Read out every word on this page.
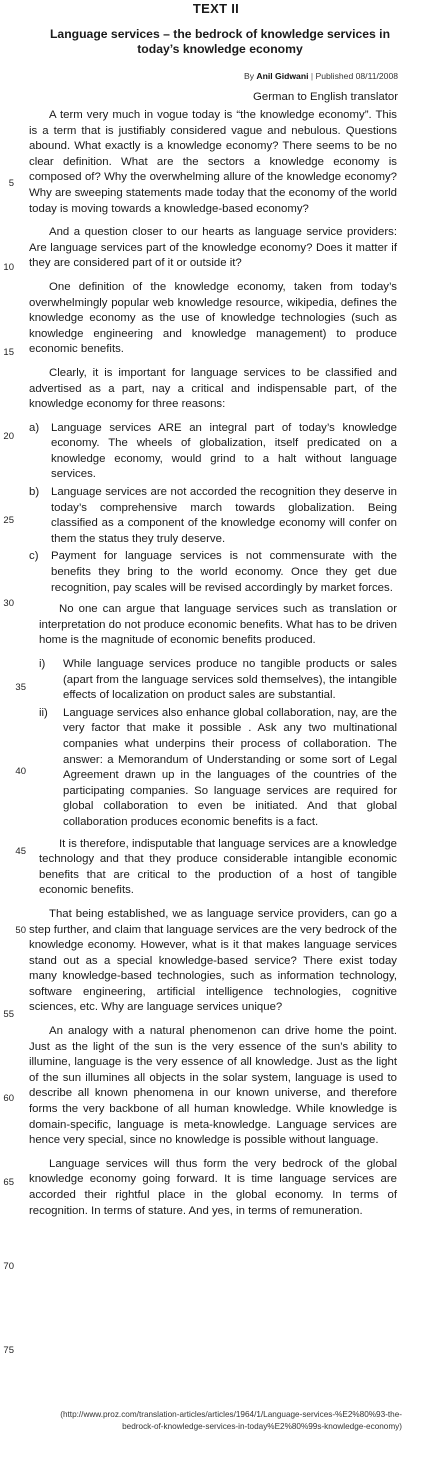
TEXT II
Language services – the bedrock of knowledge services in today’s knowledge economy
By Anil Gidwani | Published 08/11/2008
German to English translator
5
10
15
20
25
30
35
40
45
50
55
60
65
70
75

A term very much in vogue today is “the knowledge economy”. This is a term that is justifiably considered vague and nebulous. Questions abound. What exactly is a knowledge economy? There seems to be no clear definition. What are the sectors a knowledge economy is composed of? Why the overwhelming allure of the knowledge economy? Why are sweeping statements made today that the economy of the world today is moving towards a knowledge-based economy?

And a question closer to our hearts as language service providers: Are language services part of the knowledge economy? Does it matter if they are considered part of it or outside it?

One definition of the knowledge economy, taken from today’s overwhelmingly popular web knowledge resource, wikipedia, defines the knowledge economy as the use of knowledge technologies (such as knowledge engineering and knowledge management) to produce economic benefits.

Clearly, it is important for language services to be classified and advertised as a part, nay a critical and indispensable part, of the knowledge economy for three reasons:

a) Language services ARE an integral part of today’s knowledge economy. The wheels of globalization, itself predicated on a knowledge economy, would grind to a halt without language services.
b) Language services are not accorded the recognition they deserve in today’s comprehensive march towards globalization. Being classified as a component of the knowledge economy will confer on them the status they truly deserve.
c) Payment for language services is not commensurate with the benefits they bring to the world economy. Once they get due recognition, pay scales will be revised accordingly by market forces.

No one can argue that language services such as translation or interpretation do not produce economic benefits. What has to be driven home is the magnitude of economic benefits produced.

i) While language services produce no tangible products or sales (apart from the language services sold themselves), the intangible effects of localization on product sales are substantial.
ii) Language services also enhance global collaboration, nay, are the very factor that make it possible . Ask any two multinational companies what underpins their process of collaboration. The answer: a Memorandum of Understanding or some sort of Legal Agreement drawn up in the languages of the countries of the participating companies. So language services are required for global collaboration to even be initiated. And that global collaboration produces economic benefits is a fact.

It is therefore, indisputable that language services are a knowledge technology and that they produce considerable intangible economic benefits that are critical to the production of a host of tangible economic benefits.

That being established, we as language service providers, can go a step further, and claim that language services are the very bedrock of the knowledge economy. However, what is it that makes language services stand out as a special knowledge-based service? There exist today many knowledge-based technologies, such as information technology, software engineering, artificial intelligence technologies, cognitive sciences, etc. Why are language services unique?

An analogy with a natural phenomenon can drive home the point. Just as the light of the sun is the very essence of the sun’s ability to illumine, language is the very essence of all knowledge. Just as the light of the sun illumines all objects in the solar system, language is used to describe all known phenomena in our known universe, and therefore forms the very backbone of all human knowledge. While knowledge is domain-specific, language is meta-knowledge. Language services are hence very special, since no knowledge is possible without language.

Language services will thus form the very bedrock of the global knowledge economy going forward. It is time language services are accorded their rightful place in the global economy. In terms of recognition. In terms of stature. And yes, in terms of remuneration.

(http://www.proz.com/translation-articles/articles/1964/1/Language-services-%E2%80%93-the-bedrock-of-knowledge-services-in-today%E2%80%99s-knowledge-economy)
